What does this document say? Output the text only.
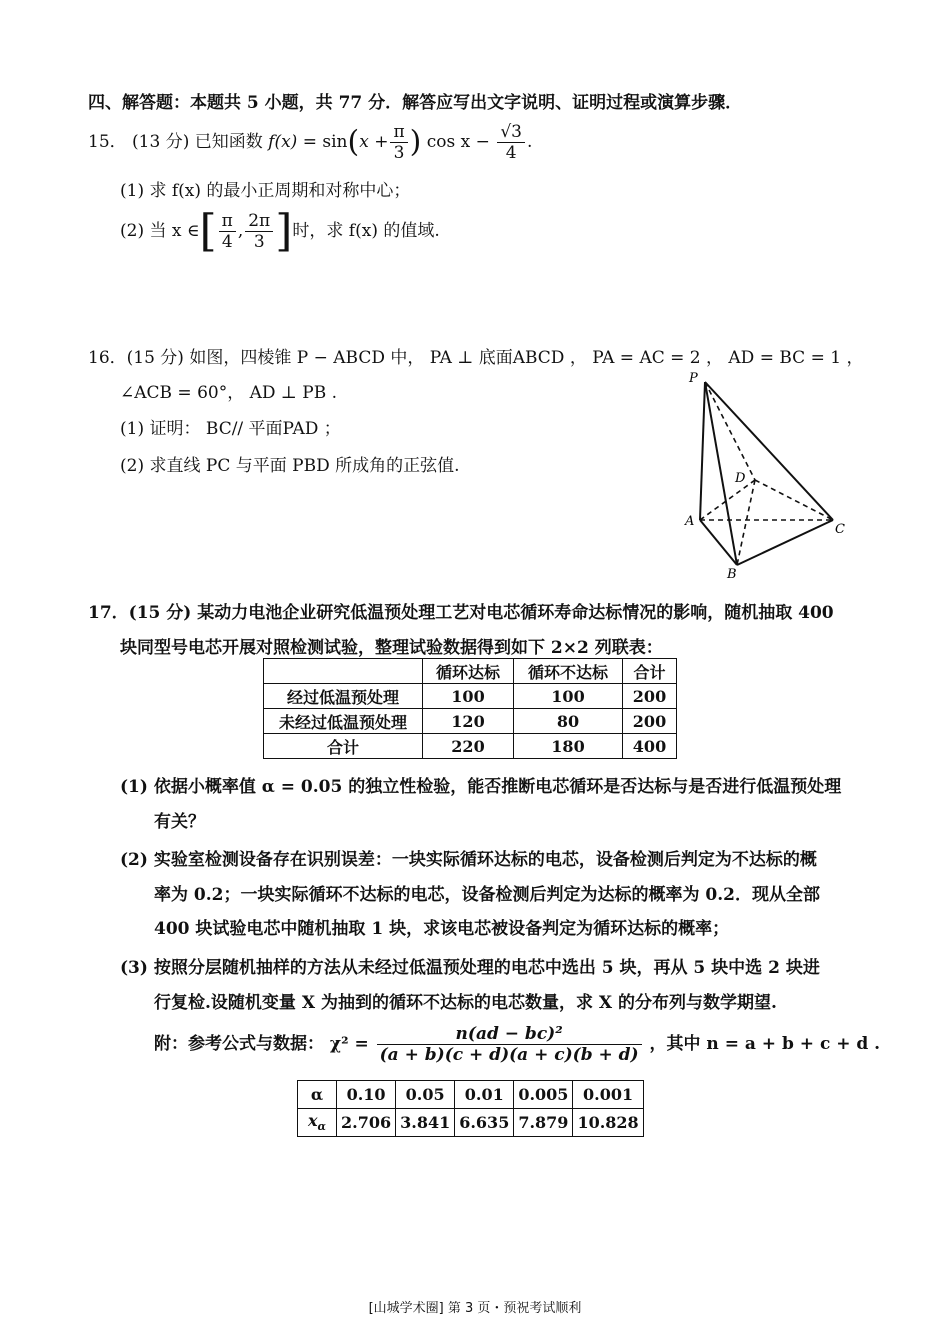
四、解答题：本题共 5 小题，共 77 分．解答应写出文字说明、证明过程或演算步骤．
15． (13 分) 已知函数 $f(x) = \sin(x + \frac{\pi}{3}$ ) $\cos x - \frac{√3}{4}$ .
(1) 求 f(x) 的最小正周期和对称中心；
(2) 当 x ∈[ $\frac{\pi}{4}$ , $\frac{2\pi}{3}$ ]时，求 f(x) 的值域.
16．(15 分) 如图，四棱锥 P − ABCD 中， PA ⊥ 底面ABCD ， PA = AC = 2 ， AD = BC = 1 ，
∠ACB = 60°， AD ⊥ PB .
(1) 证明： BC// 平面PAD ；
(2) 求直线 PC 与平面 PBD 所成角的正弦值.
P
A
B
C
D
17．(15 分) 某动力电池企业研究低温预处理工艺对电芯循环寿命达标情况的影响，随机抽取 400
块同型号电芯开展对照检测试验，整理试验数据得到如下 2×2 列联表：
	循环达标	循环不达标	合计
经过低温预处理	100	100	200
未经过低温预处理	120	80	200
合计	220	180	400
(1) 依据小概率值 α = 0.05 的独立性检验，能否推断电芯循环是否达标与是否进行低温预处理
有关？
(2) 实验室检测设备存在识别误差：一块实际循环达标的电芯，设备检测后判定为不达标的概
率为 0.2；一块实际循环不达标的电芯，设备检测后判定为达标的概率为 0.2．现从全部
400 块试验电芯中随机抽取 1 块，求该电芯被设备判定为循环达标的概率；
(3) 按照分层随机抽样的方法从未经过低温预处理的电芯中选出 5 块，再从 5 块中选 2 块进
行复检.设随机变量 X 为抽到的循环不达标的电芯数量，求 X 的分布列与数学期望.
附：参考公式与数据： $\chi^2 = \frac{\text{n(ad − bc)²}}{(a + b)(c + d)(a + c)(b + d)}$ ，其中 n = a + b + c + d .
α	0.10	0.05	0.01	0.005	0.001
$x_\alpha$	2.706	3.841	6.635	7.879	10.828
[山城学术圈] 第 3 页・预祝考试顺利
